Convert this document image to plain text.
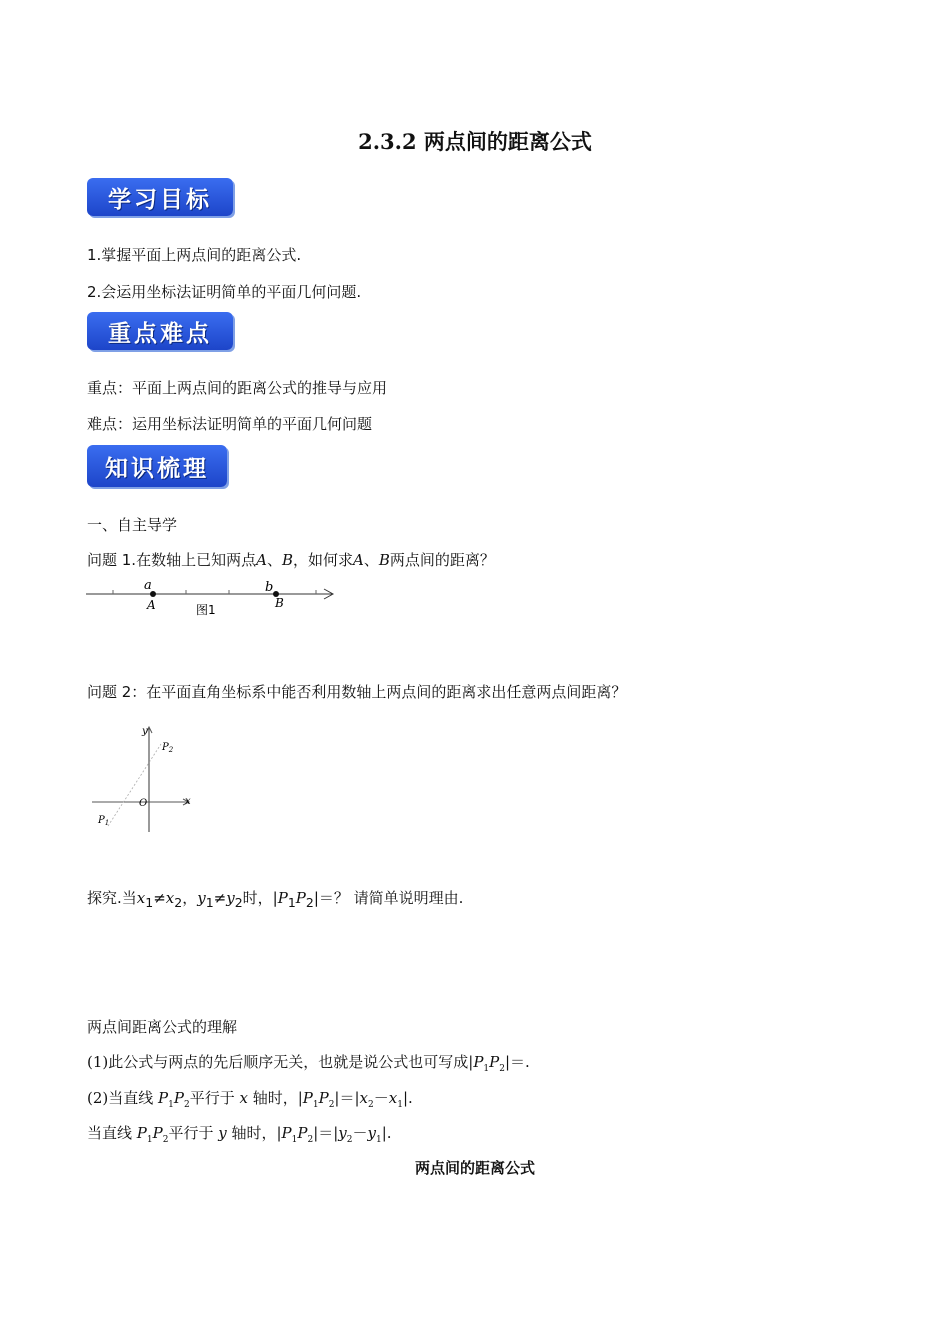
2.3.2 两点间的距离公式
学习目标
1.掌握平面上两点间的距离公式.
2.会运用坐标法证明简单的平面几何问题.
重点难点
重点：平面上两点间的距离公式的推导与应用
难点：运用坐标法证明简单的平面几何问题
知识梳理
一、自主导学
问题 1.在数轴上已知两点A、B，如何求A、B两点间的距离？
a	b
A	B
图1
问题 2：在平面直角坐标系中能否利用数轴上两点间的距离求出任意两点间距离？
y
x
O
$P_2$
$P_1$
探究.当$x_1\ne x_2$，$y_1\ne y_2$时，$|P_1P_2|=$？ 请简单说明理由.
两点间距离公式的理解
(1)此公式与两点的先后顺序无关，也就是说公式也可写成$|P_1P_2|=$.
(2)当直线 $P_1P_2$平行于 x 轴时，$|P_1P_2|=|x_2-x_1|$.
当直线 $P_1P_2$平行于 y 轴时，$|P_1P_2|=|y_2-y_1|$.
两点间的距离公式
